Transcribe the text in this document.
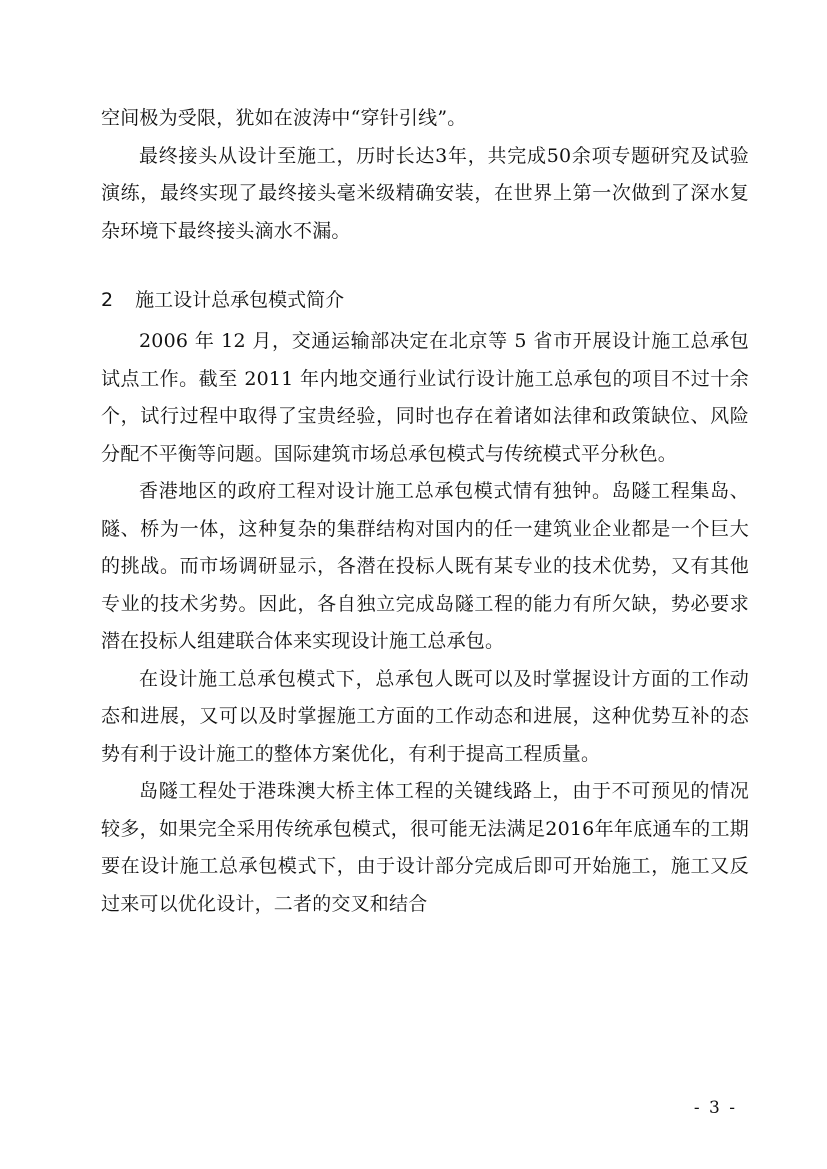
空间极为受限，犹如在波涛中“穿针引线”。

最终接头从设计至施工，历时长达3年，共完成50余项专题研究及试验演练，最终实现了最终接头毫米级精确安装，在世界上第一次做到了深水复杂环境下最终接头滴水不漏。

2 施工设计总承包模式简介

2006 年 12 月，交通运输部决定在北京等 5 省市开展设计施工总承包试点工作。截至 2011 年内地交通行业试行设计施工总承包的项目不过十余个，试行过程中取得了宝贵经验，同时也存在着诸如法律和政策缺位、风险分配不平衡等问题。国际建筑市场总承包模式与传统模式平分秋色。

香港地区的政府工程对设计施工总承包模式情有独钟。岛隧工程集岛、隧、桥为一体，这种复杂的集群结构对国内的任一建筑业企业都是一个巨大的挑战。而市场调研显示，各潜在投标人既有某专业的技术优势，又有其他专业的技术劣势。因此，各自独立完成岛隧工程的能力有所欠缺，势必要求潜在投标人组建联合体来实现设计施工总承包。

在设计施工总承包模式下，总承包人既可以及时掌握设计方面的工作动态和进展，又可以及时掌握施工方面的工作动态和进展，这种优势互补的态势有利于设计施工的整体方案优化，有利于提高工程质量。

岛隧工程处于港珠澳大桥主体工程的关键线路上，由于不可预见的情况较多，如果完全采用传统承包模式，很可能无法满足2016年年底通车的工期要在设计施工总承包模式下，由于设计部分完成后即可开始施工，施工又反过来可以优化设计，二者的交叉和结合

- 3 -
